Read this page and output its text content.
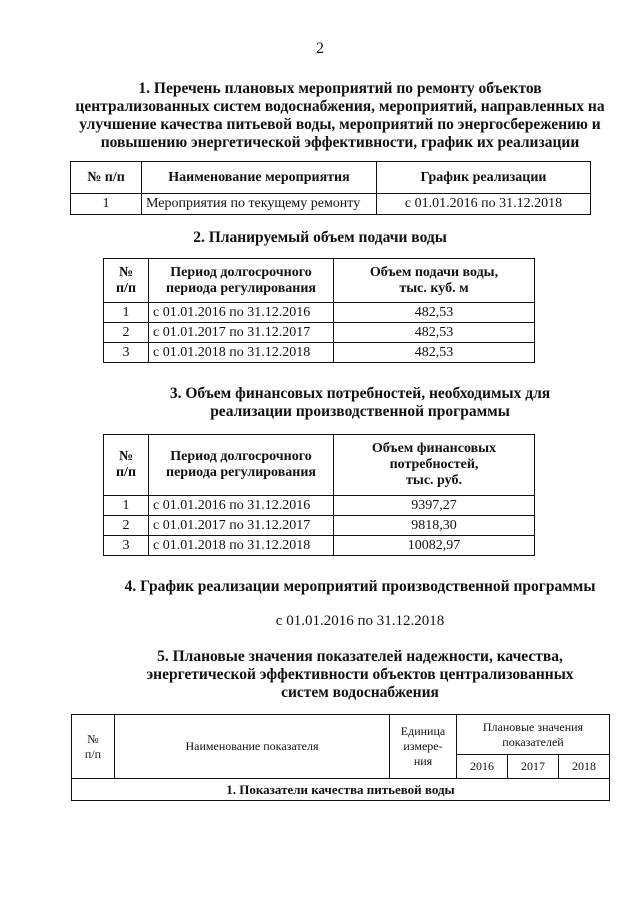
2
1. Перечень плановых мероприятий по ремонту объектов
централизованных систем водоснабжения, мероприятий, направленных на
улучшение качества питьевой воды, мероприятий по энергосбережению и
повышению энергетической эффективности, график их реализации
№ п/п	Наименование мероприятия	График реализации
1	Мероприятия по текущему ремонту	с 01.01.2016 по 31.12.2018
2. Планируемый объем подачи воды
№
п/п	Период долгосрочного
периода регулирования	Объем подачи воды,
тыс. куб. м

1	с 01.01.2016 по 31.12.2016	482,53
2	с 01.01.2017 по 31.12.2017	482,53
3	с 01.01.2018 по 31.12.2018	482,53
3. Объем финансовых потребностей, необходимых для
реализации производственной программы
№
п/п	Период долгосрочного
периода регулирования	Объем финансовых
потребностей,
тыс. руб.

1	с 01.01.2016 по 31.12.2016	9397,27
2	с 01.01.2017 по 31.12.2017	9818,30
3	с 01.01.2018 по 31.12.2018	10082,97
4. График реализации мероприятий производственной программы
с 01.01.2016 по 31.12.2018
5. Плановые значения показателей надежности, качества,
энергетической эффективности объектов централизованных
систем водоснабжения
№
п/п	Наименование показателя	Единица
измере-
ния	Плановые значения
показателей		

			2016	2017	2018
1. Показатели качества питьевой воды					
